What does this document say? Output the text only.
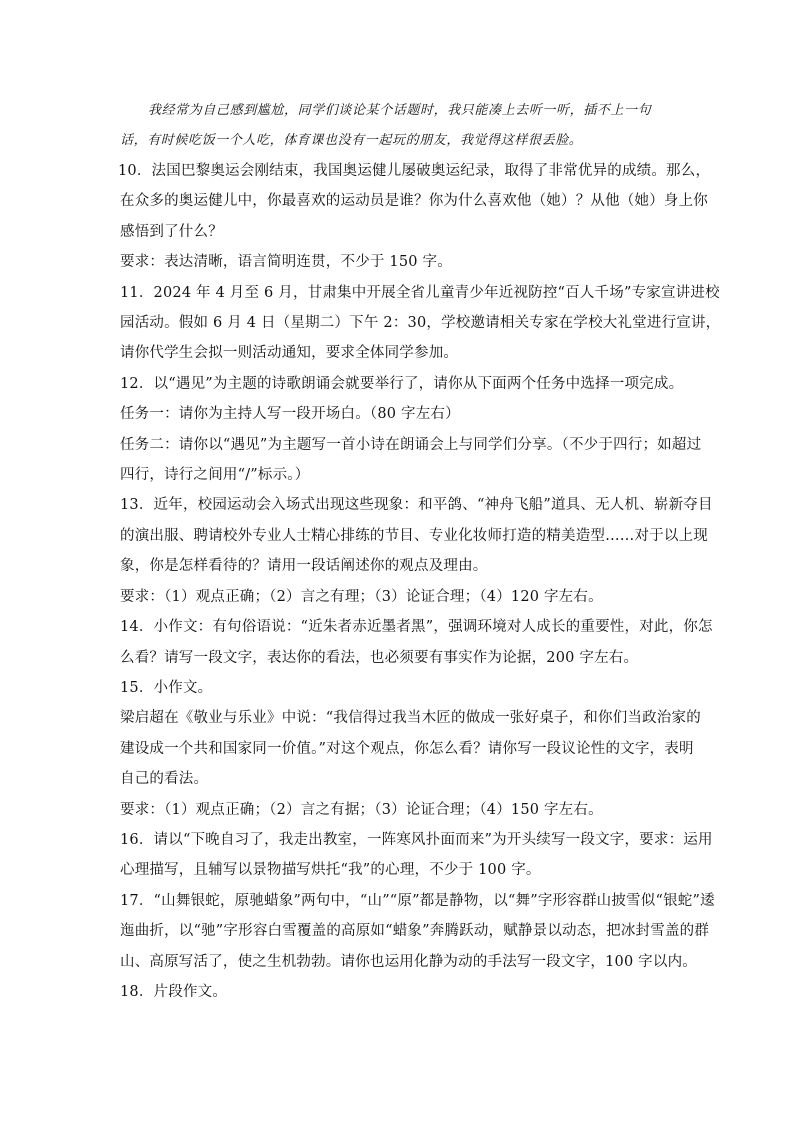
我经常为自己感到尴尬，同学们谈论某个话题时，我只能凑上去听一听，插不上一句

话，有时候吃饭一个人吃，体育课也没有一起玩的朋友，我觉得这样很丢脸。

10．法国巴黎奥运会刚结束，我国奥运健儿屡破奥运纪录，取得了非常优异的成绩。那么，

在众多的奥运健儿中，你最喜欢的运动员是谁？你为什么喜欢他（她）？从他（她）身上你

感悟到了什么？

要求：表达清晰，语言简明连贯，不少于 150 字。

11．2024 年 4 月至 6 月，甘肃集中开展全省儿童青少年近视防控“百人千场”专家宣讲进校

园活动。假如 6 月 4 日（星期二）下午 2：30，学校邀请相关专家在学校大礼堂进行宣讲，

请你代学生会拟一则活动通知，要求全体同学参加。

12．以“遇见”为主题的诗歌朗诵会就要举行了，请你从下面两个任务中选择一项完成。

任务一：请你为主持人写一段开场白。（80 字左右）

任务二：请你以“遇见”为主题写一首小诗在朗诵会上与同学们分享。（不少于四行；如超过

四行，诗行之间用“/”标示。）

13．近年，校园运动会入场式出现这些现象：和平鸽、“神舟飞船”道具、无人机、崭新夺目

的演出服、聘请校外专业人士精心排练的节目、专业化妆师打造的精美造型……对于以上现

象，你是怎样看待的？请用一段话阐述你的观点及理由。

要求：（1）观点正确；（2）言之有理；（3）论证合理；（4）120 字左右。

14．小作文：有句俗语说：“近朱者赤近墨者黑”，强调环境对人成长的重要性，对此，你怎

么看？请写一段文字，表达你的看法，也必须要有事实作为论据，200 字左右。

15．小作文。

梁启超在《敬业与乐业》中说：“我信得过我当木匠的做成一张好桌子，和你们当政治家的

建设成一个共和国家同一价值。”对这个观点，你怎么看？请你写一段议论性的文字，表明

自己的看法。

要求：（1）观点正确；（2）言之有据；（3）论证合理；（4）150 字左右。

16．请以“下晚自习了，我走出教室，一阵寒风扑面而来”为开头续写一段文字，要求：运用

心理描写，且辅写以景物描写烘托“我”的心理，不少于 100 字。

17．“山舞银蛇，原驰蜡象”两句中，“山”“原”都是静物，以“舞”字形容群山披雪似“银蛇”逶

迤曲折，以“驰”字形容白雪覆盖的高原如“蜡象”奔腾跃动，赋静景以动态，把冰封雪盖的群

山、高原写活了，使之生机勃勃。请你也运用化静为动的手法写一段文字，100 字以内。

18．片段作文。
